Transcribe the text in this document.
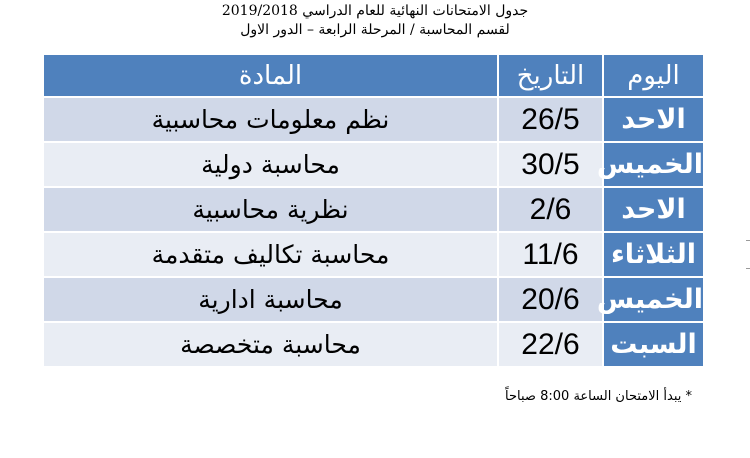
جدول الامتحانات النهائية للعام الدراسي 2019/2018
لقسم المحاسبة / المرحلة الرابعة – الدور الاول
اليوم	التاريخ	المادة
الاحد	26/5	نظم معلومات محاسبية
الخميس	30/5	محاسبة دولية
الاحد	2/6	نظرية محاسبية
الثلاثاء	11/6	محاسبة تكاليف متقدمة
الخميس	20/6	محاسبة ادارية
السبت	22/6	محاسبة متخصصة
* يبدأ الامتحان الساعة 8:00 صباحاً
